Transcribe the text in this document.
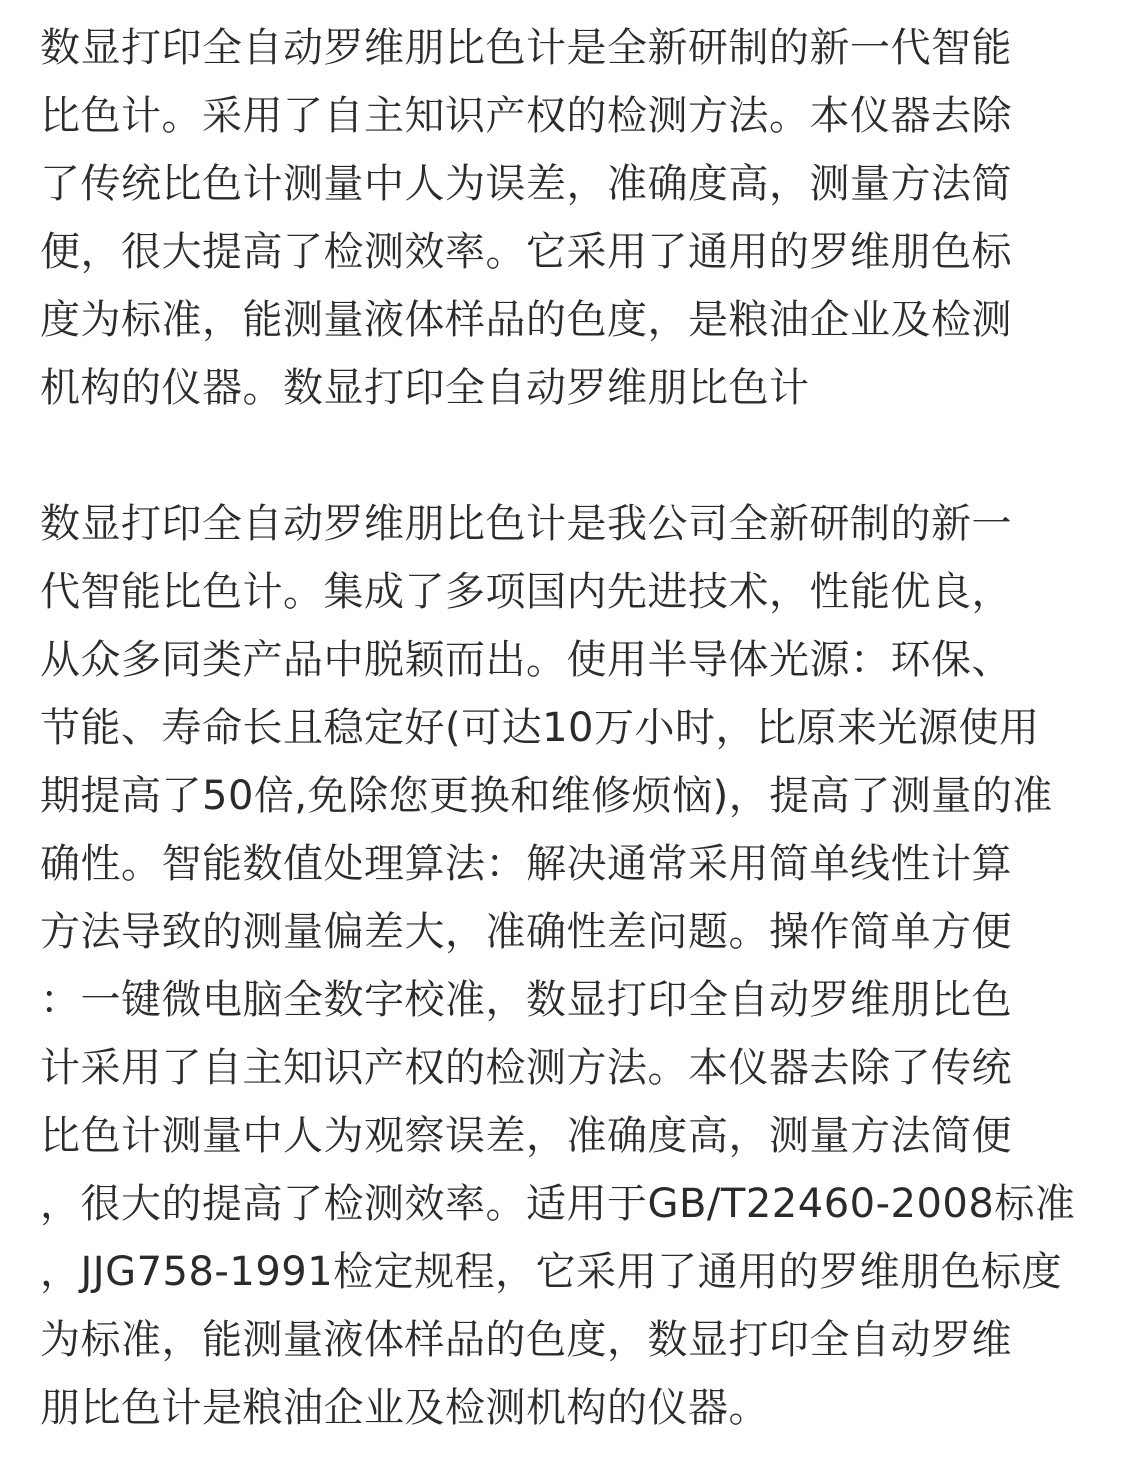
数显打印全自动罗维朋比色计是全新研制的新一代智能
比色计。采用了自主知识产权的检测方法。本仪器去除
了传统比色计测量中人为误差，准确度高，测量方法简
便，很大提高了检测效率。它采用了通用的罗维朋色标
度为标准，能测量液体样品的色度，是粮油企业及检测
机构的仪器。数显打印全自动罗维朋比色计
数显打印全自动罗维朋比色计是我公司全新研制的新一
代智能比色计。集成了多项国内先进技术，性能优良，
从众多同类产品中脱颖而出。使用半导体光源：环保、
节能、寿命长且稳定好(可达10万小时，比原来光源使用
期提高了50倍,免除您更换和维修烦恼)，提高了测量的准
确性。智能数值处理算法：解决通常采用简单线性计算
方法导致的测量偏差大，准确性差问题。操作简单方便
：一键微电脑全数字校准，数显打印全自动罗维朋比色
计采用了自主知识产权的检测方法。本仪器去除了传统
比色计测量中人为观察误差，准确度高，测量方法简便
，很大的提高了检测效率。适用于GB/T22460-2008标准
，JJG758-1991检定规程，它采用了通用的罗维朋色标度
为标准，能测量液体样品的色度，数显打印全自动罗维
朋比色计是粮油企业及检测机构的仪器。
